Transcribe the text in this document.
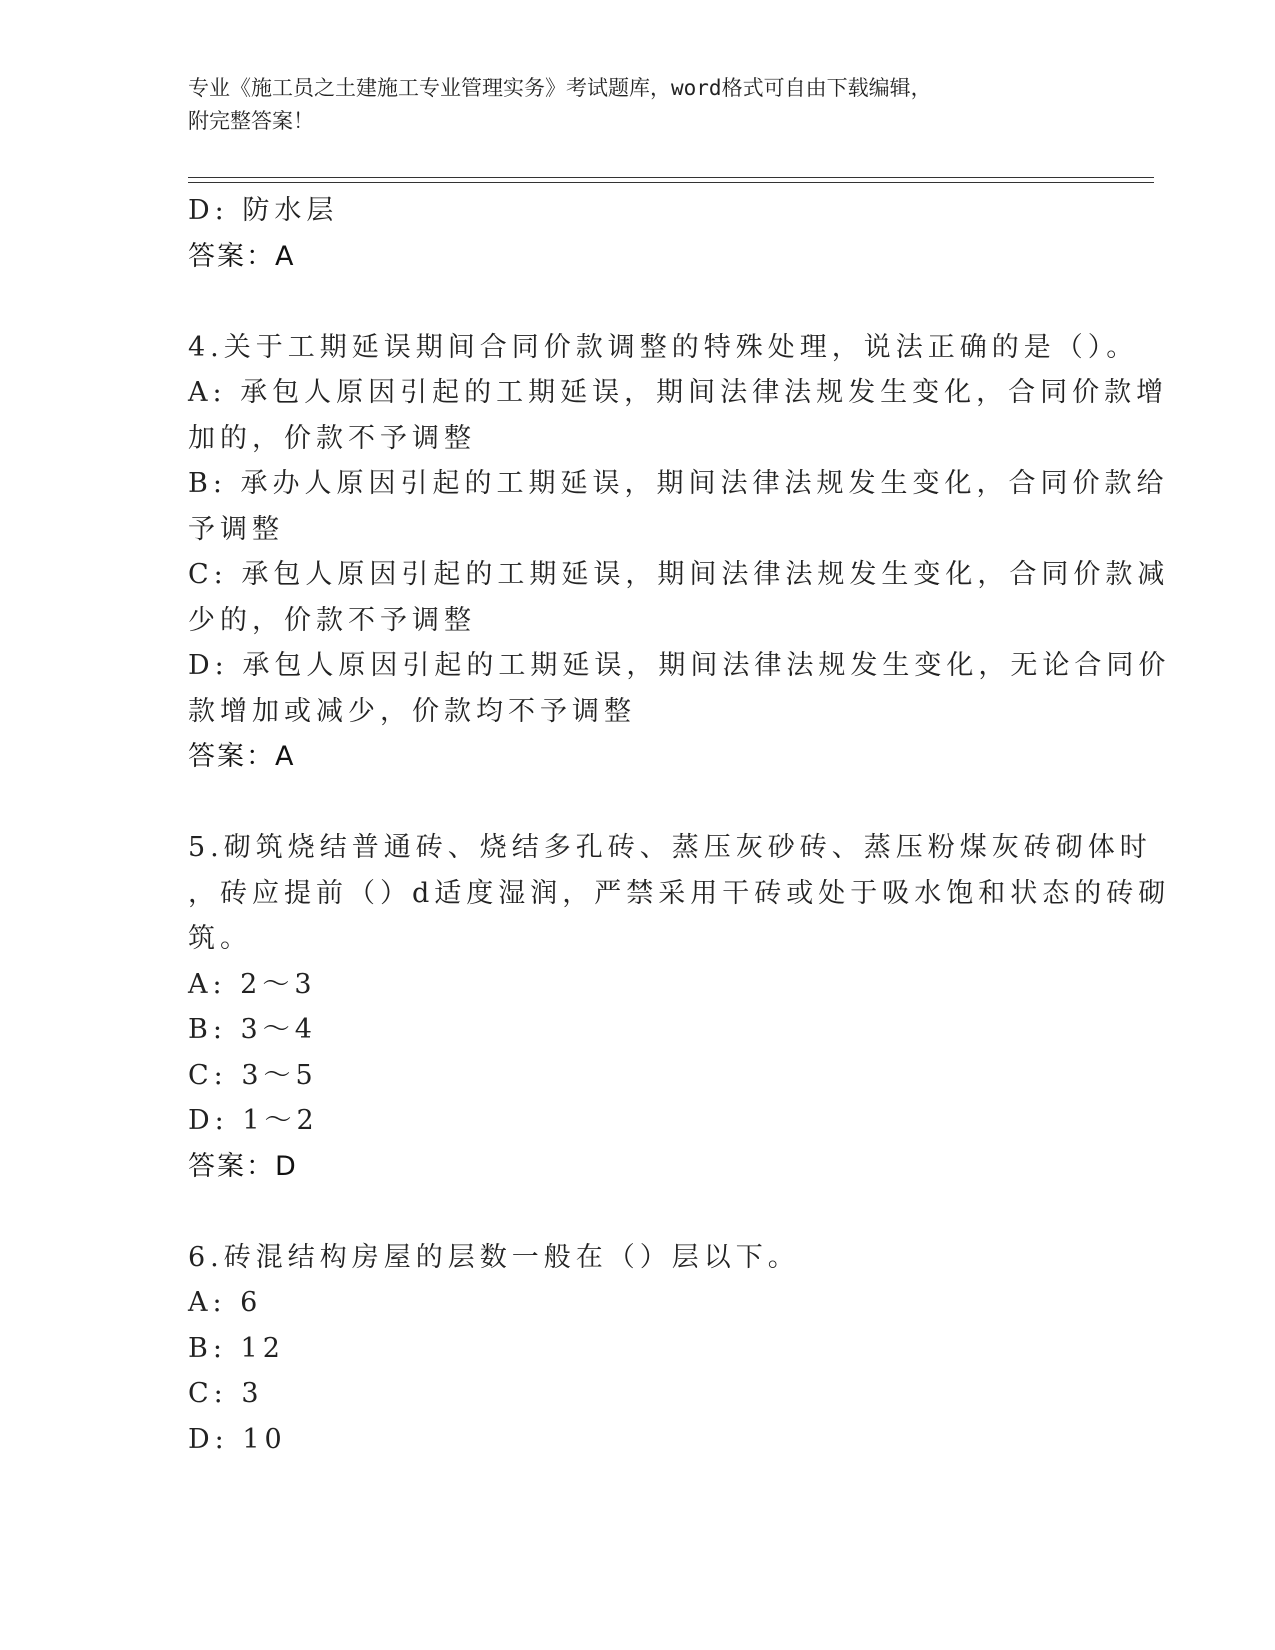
专业《施工员之土建施工专业管理实务》考试题库，word格式可自由下载编辑，
附完整答案！
D: 防水层
答案：A
4.关于工期延误期间合同价款调整的特殊处理，说法正确的是（）。
A: 承包人原因引起的工期延误，期间法律法规发生变化，合同价款增
加的，价款不予调整
B: 承办人原因引起的工期延误，期间法律法规发生变化，合同价款给
予调整
C: 承包人原因引起的工期延误，期间法律法规发生变化，合同价款减
少的，价款不予调整
D: 承包人原因引起的工期延误，期间法律法规发生变化，无论合同价
款增加或减少，价款均不予调整
答案：A
5.砌筑烧结普通砖、烧结多孔砖、蒸压灰砂砖、蒸压粉煤灰砖砌体时
，砖应提前（）d适度湿润，严禁采用干砖或处于吸水饱和状态的砖砌
筑。
A: 2～3
B: 3～4
C: 3～5
D: 1～2
答案：D
6.砖混结构房屋的层数一般在（）层以下。
A: 6
B: 12
C: 3
D: 10
